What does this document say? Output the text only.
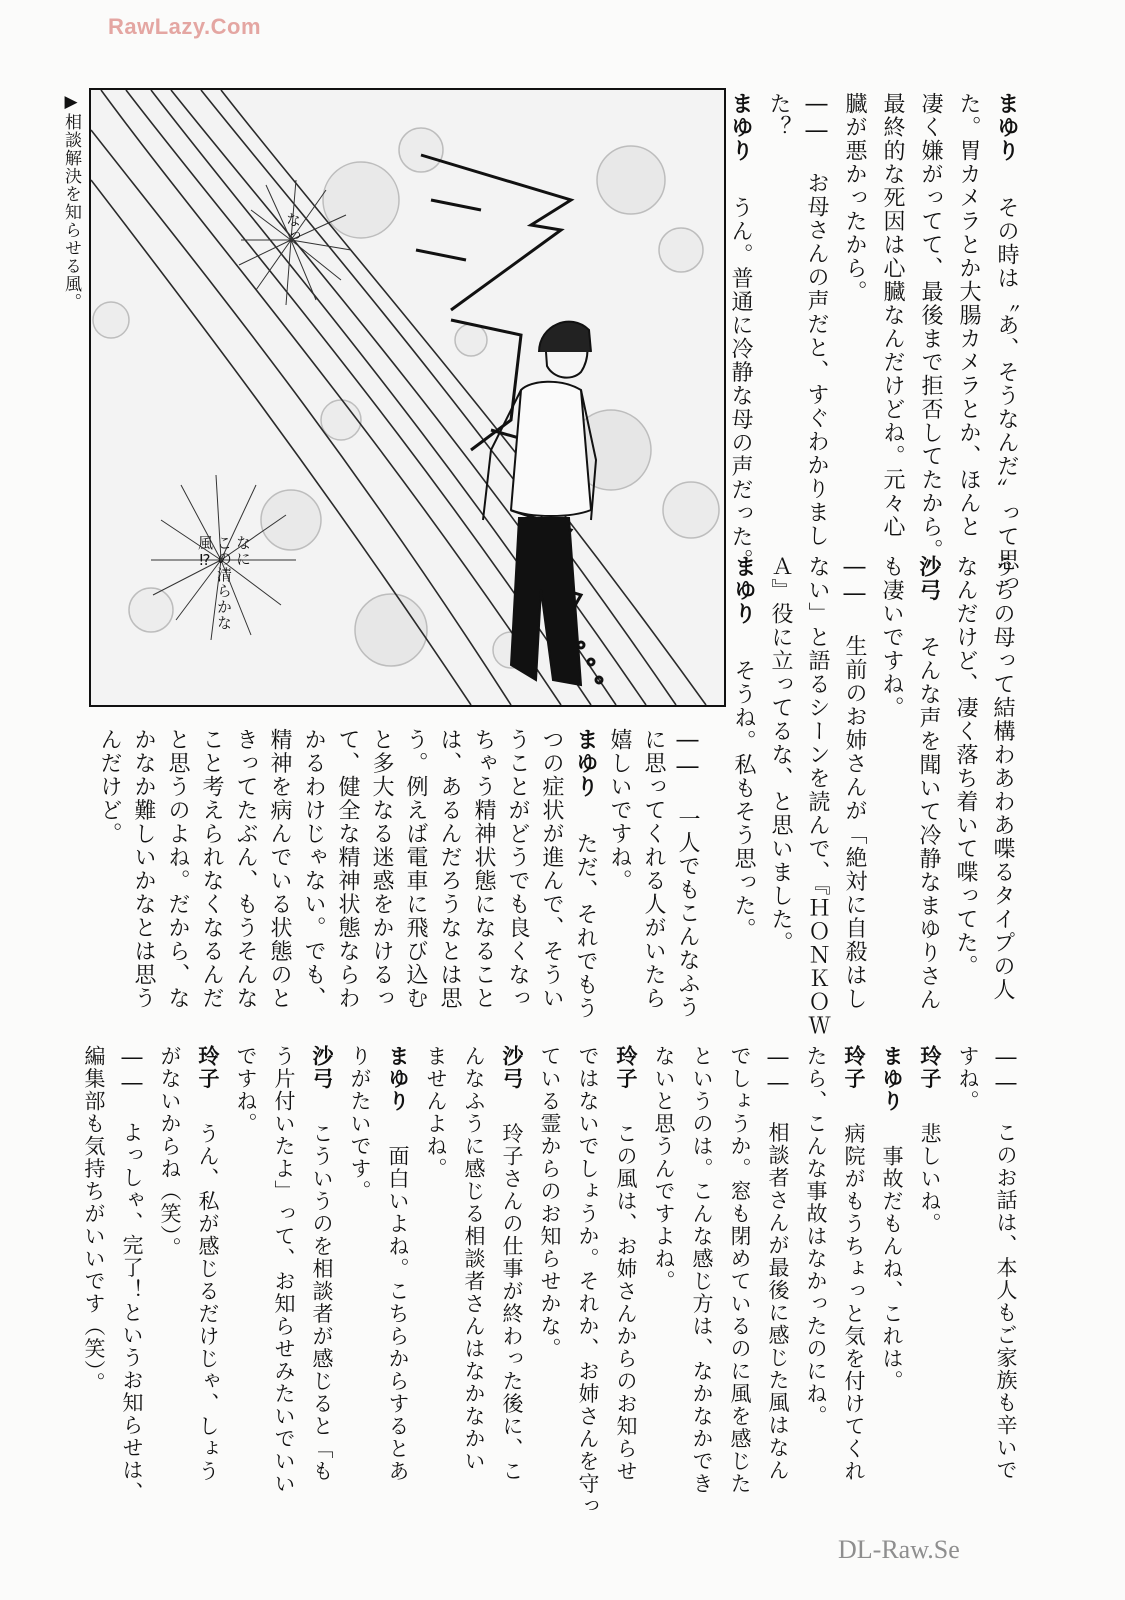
RawLazy.Com
DL-Raw.Se
▶相談解決を知らせる風。	なっ
なに
この清らかな
風⁉
まゆり　その時は〝あ、そうなんだ〟って思っ
た。胃カメラとか大腸カメラとか、ほんと
凄く嫌がってて、最後まで拒否してたから。
最終的な死因は心臓なんだけどね。元々心
臓が悪かったから。
―― お母さんの声だと、すぐわかりまし
た？
まゆり　うん。普通に冷静な母の声だった。
うちの母って結構わあわあ喋るタイプの人
なんだけど、凄く落ち着いて喋ってた。
沙弓　そんな声を聞いて冷静なまゆりさん
も凄いですね。
―― 生前のお姉さんが「絶対に自殺はし
ない」と語るシーンを読んで、『ＨＯＮＫＯＷ
Ａ』役に立ってるな、と思いました。
まゆり　そうね。私もそう思った。
―― 一人でもこんなふう
に思ってくれる人がいたら
嬉しいですね。
まゆり　ただ、それでもう
つの症状が進んで、そうい
うことがどうでも良くなっ
ちゃう精神状態になること
は、あるんだろうなとは思
う。例えば電車に飛び込む
と多大なる迷惑をかけるっ
て、健全な精神状態ならわ
かるわけじゃない。でも、
精神を病んでいる状態のと
きってたぶん、もうそんな
こと考えられなくなるんだ
と思うのよね。だから、な
かなか難しいかなとは思う
んだけど。
―― このお話は、本人もご家族も辛いで
すね。
玲子　悲しいね。
まゆり　事故だもんね、これは。
玲子　病院がもうちょっと気を付けてくれ
たら、こんな事故はなかったのにね。
―― 相談者さんが最後に感じた風はなん
でしょうか。窓も閉めているのに風を感じた
というのは。こんな感じ方は、なかなかでき
ないと思うんですよね。
玲子　この風は、お姉さんからのお知らせ
ではないでしょうか。それか、お姉さんを守っ
ている霊からのお知らせかな。
沙弓　玲子さんの仕事が終わった後に、こ
んなふうに感じる相談者さんはなかなかい
ませんよね。
まゆり　面白いよね。こちらからするとあ
りがたいです。
沙弓　こういうのを相談者が感じると「も
う片付いたよ」って、お知らせみたいでいい
ですね。
玲子　うん、私が感じるだけじゃ、しょう
がないからね（笑）。
―― よっしゃ、完了！というお知らせは、
編集部も気持ちがいいです（笑）。
